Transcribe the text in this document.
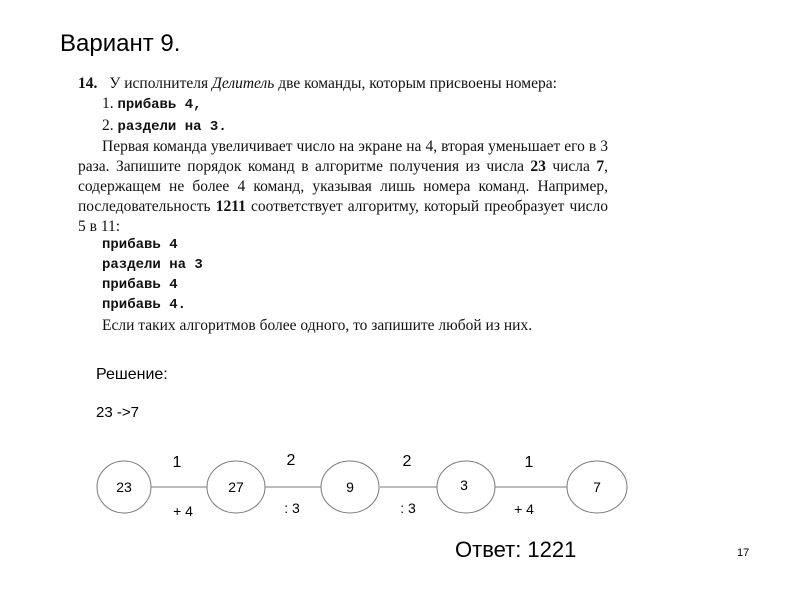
Вариант 9.

14. У исполнителя Делитель две команды, которым присвоены номера:

1. прибавь 4,

2. раздели на 3.

Первая команда увеличивает число на экране на 4, вторая уменьшает его в 3 раза. Запишите порядок команд в алгоритме получения из числа 23 числа 7, содержащем не более 4 команд, указывая лишь номера команд. Например, последовательность 1211 соответствует алгоритму, который преобразует число 5 в 11:

прибавь 4

раздели на 3

прибавь 4

прибавь 4.

Если таких алгоритмов более одного, то запишите любой из них.

Решение:
23 ->7
23	27	9	3	7
1	2	2	1
+ 4	: 3	: 3	+ 4
Ответ: 1221	17
